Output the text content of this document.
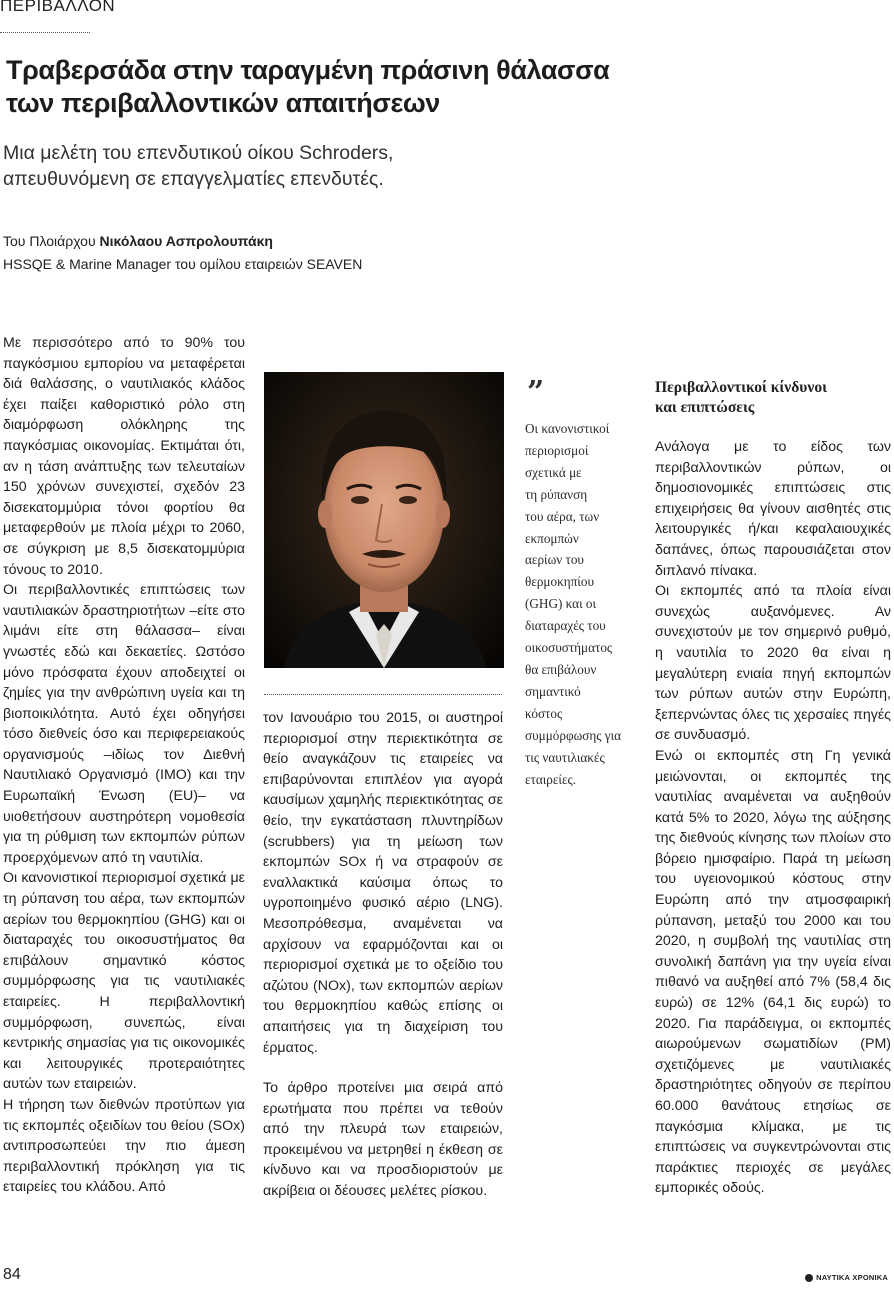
ΠΕΡΙΒΑΛΛΟΝ
Τραβερσάδα στην ταραγμένη πράσινη θάλασσα
των περιβαλλοντικών απαιτήσεων
Μια μελέτη του επενδυτικού οίκου Schroders,
απευθυνόμενη σε επαγγελματίες επενδυτές.
Του Πλοιάρχου Νικόλαου Ασπρολουπάκη
HSSQE & Marine Manager του ομίλου εταιρειών SEAVEN

Με περισσότερο από το 90% του παγκόσμιου εμπορίου να μεταφέρεται διά θαλάσσης, ο ναυτιλιακός κλάδος έχει παίξει καθοριστικό ρόλο στη διαμόρφωση ολόκληρης της παγκόσμιας οικονομίας. Εκτιμάται ότι, αν η τάση ανάπτυξης των τελευταίων 150 χρόνων συνεχιστεί, σχεδόν 23 δισεκατομμύρια τόνοι φορτίου θα μεταφερθούν με πλοία μέχρι το 2060, σε σύγκριση με 8,5 δισεκατομμύρια τόνους το 2010.

Οι περιβαλλοντικές επιπτώσεις των ναυτιλιακών δραστηριοτήτων –είτε στο λιμάνι είτε στη θάλασσα– είναι γνωστές εδώ και δεκαετίες. Ωστόσο μόνο πρόσφατα έχουν αποδειχτεί οι ζημίες για την ανθρώπινη υγεία και τη βιοποικιλότητα. Αυτό έχει οδηγήσει τόσο διεθνείς όσο και περιφερειακούς οργανισμούς –ιδίως τον Διεθνή Ναυτιλιακό Οργανισμό (IMO) και την Ευρωπαϊκή Ένωση (EU)– να υιοθετήσουν αυστηρότερη νομοθεσία για τη ρύθμιση των εκπομπών ρύπων προερχόμενων από τη ναυτιλία.

Οι κανονιστικοί περιορισμοί σχετικά με τη ρύπανση του αέρα, των εκπομπών αερίων του θερμοκηπίου (GHG) και οι διαταραχές του οικοσυστήματος θα επιβάλουν σημαντικό κόστος συμμόρφωσης για τις ναυτιλιακές εταιρείες. Η περιβαλλοντική συμμόρφωση, συνεπώς, είναι κεντρικής σημασίας για τις οικονομικές και λειτουργικές προτεραιότητες αυτών των εταιρειών.

Η τήρηση των διεθνών προτύπων για τις εκπομπές οξειδίων του θείου (SOx) αντιπροσωπεύει την πιο άμεση περιβαλλοντική πρόκληση για τις εταιρείες του κλάδου. Από

τον Ιανουάριο του 2015, οι αυστηροί περιορισμοί στην περιεκτικότητα σε θείο αναγκάζουν τις εταιρείες να επιβαρύνονται επιπλέον για αγορά καυσίμων χαμηλής περιεκτικότητας σε θείο, την εγκατάσταση πλυντηρίδων (scrubbers) για τη μείωση των εκπομπών SOx ή να στραφούν σε εναλλακτικά καύσιμα όπως το υγροποιημένο φυσικό αέριο (LNG). Μεσοπρόθεσμα, αναμένεται να αρχίσουν να εφαρμόζονται και οι περιορισμοί σχετικά με το οξείδιο του αζώτου (NOx), των εκπομπών αερίων του θερμοκηπίου καθώς επίσης οι απαιτήσεις για τη διαχείριση του έρματος.

Το άρθρο προτείνει μια σειρά από ερωτήματα που πρέπει να τεθούν από την πλευρά των εταιρειών, προκειμένου να μετρηθεί η έκθεση σε κίνδυνο και να προσδιοριστούν με ακρίβεια οι δέουσες μελέτες ρίσκου.

”
Οι κανονιστικοί
περιορισμοί
σχετικά με
τη ρύπανση
του αέρα, των
εκπομπών
αερίων του
θερμοκηπίου
(GHG) και οι
διαταραχές του
οικοσυστήματος
θα επιβάλουν
σημαντικό
κόστος
συμμόρφωσης για
τις ναυτιλιακές
εταιρείες.
Περιβαλλοντικοί κίνδυνοι
και επιπτώσεις

Ανάλογα με το είδος των περιβαλλοντικών ρύπων, οι δημοσιονομικές επιπτώσεις στις επιχειρήσεις θα γίνουν αισθητές στις λειτουργικές ή/και κεφαλαιουχικές δαπάνες, όπως παρουσιάζεται στον διπλανό πίνακα.

Οι εκπομπές από τα πλοία είναι συνεχώς αυξανόμενες. Αν συνεχιστούν με τον σημερινό ρυθμό, η ναυτιλία το 2020 θα είναι η μεγαλύτερη ενιαία πηγή εκπομπών των ρύπων αυτών στην Ευρώπη, ξεπερνώντας όλες τις χερσαίες πηγές σε συνδυασμό.

Ενώ οι εκπομπές στη Γη γενικά μειώνονται, οι εκπομπές της ναυτιλίας αναμένεται να αυξηθούν κατά 5% το 2020, λόγω της αύξησης της διεθνούς κίνησης των πλοίων στο βόρειο ημισφαίριο. Παρά τη μείωση του υγειονομικού κόστους στην Ευρώπη από την ατμοσφαιρική ρύπανση, μεταξύ του 2000 και του 2020, η συμβολή της ναυτιλίας στη συνολική δαπάνη για την υγεία είναι πιθανό να αυξηθεί από 7% (58,4 δις ευρώ) σε 12% (64,1 δις ευρώ) το 2020. Για παράδειγμα, οι εκπομπές αιωρούμενων σωματιδίων (PM) σχετιζόμενες με ναυτιλιακές δραστηριότητες οδηγούν σε περίπου 60.000 θανάτους ετησίως σε παγκόσμια κλίμακα, με τις επιπτώσεις να συγκεντρώνονται στις παράκτιες περιοχές σε μεγάλες εμπορικές οδούς.

84	ΝΑΥΤΙΚΑ ΧΡΟΝΙΚΑ
